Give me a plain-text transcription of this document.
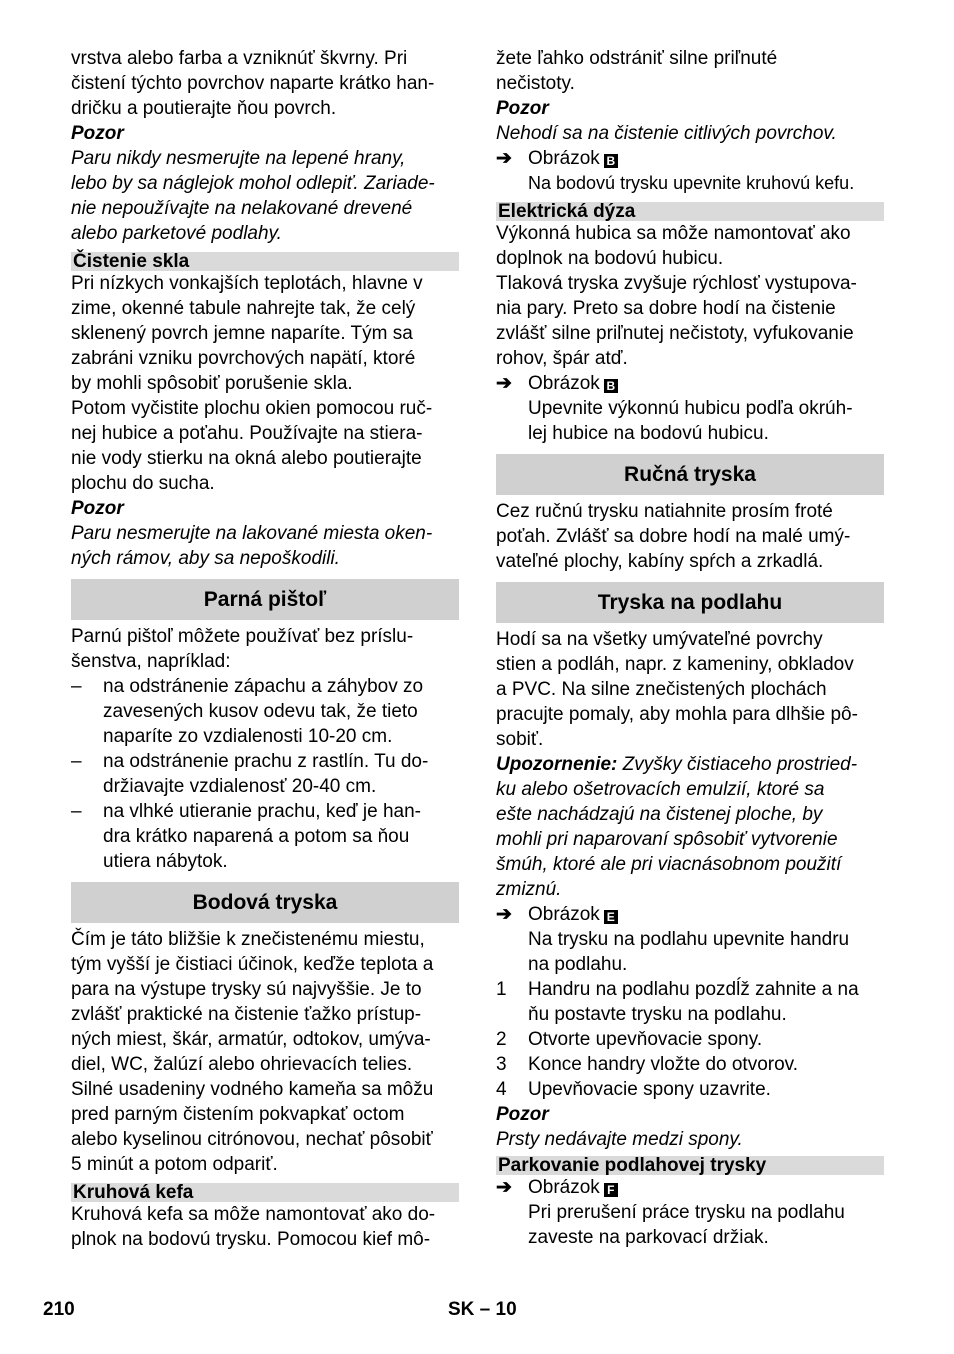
vrstva alebo farba a vzniknúť škvrny. Pri
čistení týchto povrchov naparte krátko han-
dričku a poutierajte ňou povrch.
Pozor
Paru nikdy nesmerujte na lepené hrany,
lebo by sa náglejok mohol odlepiť. Zariade-
nie nepoužívajte na nelakované drevené
alebo parketové podlahy.
Čistenie skla
Pri nízkych vonkajších teplotách, hlavne v
zime, okenné tabule nahrejte tak, že celý
sklenený povrch jemne naparíte. Tým sa
zabráni vzniku povrchových napätí, ktoré
by mohli spôsobiť porušenie skla.
Potom vyčistite plochu okien pomocou ruč-
nej hubice a poťahu. Používajte na stiera-
nie vody stierku na okná alebo poutierajte
plochu do sucha.
Pozor
Paru nesmerujte na lakované miesta oken-
ných rámov, aby sa nepoškodili.
Parná pištoľ
Parnú pištoľ môžete používať bez príslu-
šenstva, napríklad:
–	na odstránenie zápachu a záhybov zo
zavesených kusov odevu tak, že tieto
naparíte zo vzdialenosti 10-20 cm.
–	na odstránenie prachu z rastlín. Tu do-
držiavajte vzdialenosť 20-40 cm.
–	na vlhké utieranie prachu, keď je han-
dra krátko naparená a potom sa ňou
utiera nábytok.
Bodová tryska
Čím je táto bližšie k znečistenému miestu,
tým vyšší je čistiaci účinok, keďže teplota a
para na výstupe trysky sú najvyššie. Je to
zvlášť praktické na čistenie ťažko prístup-
ných miest, škár, armatúr, odtokov, umýva-
diel, WC, žalúzí alebo ohrievacích telies.
Silné usadeniny vodného kameňa sa môžu
pred parným čistením pokvapkať octom
alebo kyselinou citrónovou, nechať pôsobiť
5 minút a potom odpariť.
Kruhová kefa
Kruhová kefa sa môže namontovať ako do-
plnok na bodovú trysku. Pomocou kief mô-
žete ľahko odstrániť silne priľnuté
nečistoty.
Pozor
Nehodí sa na čistenie citlivých povrchov.
➔ Obrázok B
Na bodovú trysku upevnite kruhovú kefu.
Elektrická dýza
Výkonná hubica sa môže namontovať ako
doplnok na bodovú hubicu.
Tlaková tryska zvyšuje rýchlosť vystupova-
nia pary. Preto sa dobre hodí na čistenie
zvlášť silne priľnutej nečistoty, vyfukovanie
rohov, špár atď.
➔ Obrázok B
Upevnite výkonnú hubicu podľa okrúh-
lej hubice na bodovú hubicu.
Ručná tryska
Cez ručnú trysku natiahnite prosím froté
poťah. Zvlášť sa dobre hodí na malé umý-
vateľné plochy, kabíny spŕch a zrkadlá.
Tryska na podlahu
Hodí sa na všetky umývateľné povrchy
stien a podláh, napr. z kameniny, obkladov
a PVC. Na silne znečistených plochách
pracujte pomaly, aby mohla para dlhšie pô-
sobiť.
Upozornenie: Zvyšky čistiaceho prostried-
ku alebo ošetrovacích emulzií, ktoré sa
ešte nachádzajú na čistenej ploche, by
mohli pri naparovaní spôsobiť vytvorenie
šmúh, ktoré ale pri viacnásobnom použití
zmiznú.
➔ Obrázok E
Na trysku na podlahu upevnite handru
na podlahu.
1	Handru na podlahu pozdĺž zahnite a na
ňu postavte trysku na podlahu.
2	Otvorte upevňovacie spony.
3	Konce handry vložte do otvorov.
4	Upevňovacie spony uzavrite.
Pozor
Prsty nedávajte medzi spony.
Parkovanie podlahovej trysky
➔ Obrázok F
Pri prerušení práce trysku na podlahu
zaveste na parkovací držiak.
210	SK – 10
